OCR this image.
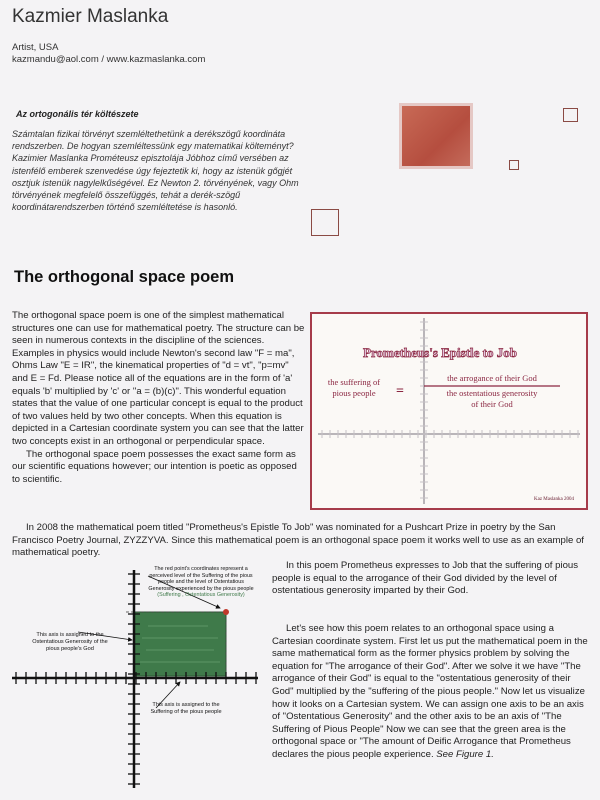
Kazmier Maslanka
Artist, USA
kazmandu@aol.com / www.kazmaslanka.com
Az ortogonális tér költészete
Számtalan fizikai törvényt szemléltethetünk a derékszögű koordináta rendszerben. De hogyan szemléltessünk egy matematikai költeményt? Kazimier Maslanka Prométeusz episztolája Jóbhoz című versében az istenfélő emberek szenvedése úgy fejeztetik ki, hogy az istenük gőgjét osztjuk istenük nagylelkűségével. Ez Newton 2. törvényének, vagy Ohm törvényének megfelelő összefüggés, tehát a derék-szögű koordinátarendszerben történő szemléltetése is hasonló.
The orthogonal space poem

The orthogonal space poem is one of the simplest mathematical structures one can use for mathematical poetry. The structure can be seen in numerous contexts in the discipline of the sciences. Examples in physics would include Newton's second law "F = ma", Ohms Law "E = IR", the kinematical properties of "d = vt", "p=mv" and E = Fd. Please notice all of the equations are in the form of 'a' equals 'b' multiplied by 'c' or "a = (b)(c)". This wonderful equation states that the value of one particular concept is equal to the product of two values held by two other concepts. When this equation is depicted in a Cartesian coordinate system you can see that the latter two concepts exist in an orthogonal or perpendicular space.

The orthogonal space poem possesses the exact same form as our scientific equations however; our intention is poetic as opposed to scientific.

Prometheus's Epistle to Job
the suffering of
pious people =
the arrogance of their God
the ostentatious generosity
of their God
Kaz Maslanka 2004
In 2008 the mathematical poem titled "Prometheus's Epistle To Job" was nominated for a Pushcart Prize in poetry by the San Francisco Poetry Journal, ZYZZYVA. Since this mathematical poem is an orthogonal space poem it works well to use as an example of mathematical poetry.
In this poem Prometheus expresses to Job that the suffering of pious people is equal to the arrogance of their God divided by the level of ostentatious generosity imparted by their God.
Let's see how this poem relates to an orthogonal space using a Cartesian coordinate system. First let us put the mathematical poem in the same mathematical form as the former physics problem by solving the equation for "The arrogance of their God". After we solve it we have "The arrogance of their God" is equal to the "ostentatious generosity of their God" multiplied by the "suffering of the pious people." Now let us visualize how it looks on a Cartesian system. We can assign one axis to be an axis of "Ostentatious Generosity" and the other axis to be an axis of "The Suffering of Pious People" Now we can see that the green area is the orthogonal space or "The amount of Deific Arrogance that Prometheus declares the pious people experience. See Figure 1.
The red point's coordinates represent a perceived level of the Suffering of the pious people and the level of Ostentatious Generosity experienced by the pious people
(Suffering , Ostentatious Generosity)
This axis is assigned to the Ostentatious Generosity of the pious people's God
This axis is assigned to the Suffering of the pious people
